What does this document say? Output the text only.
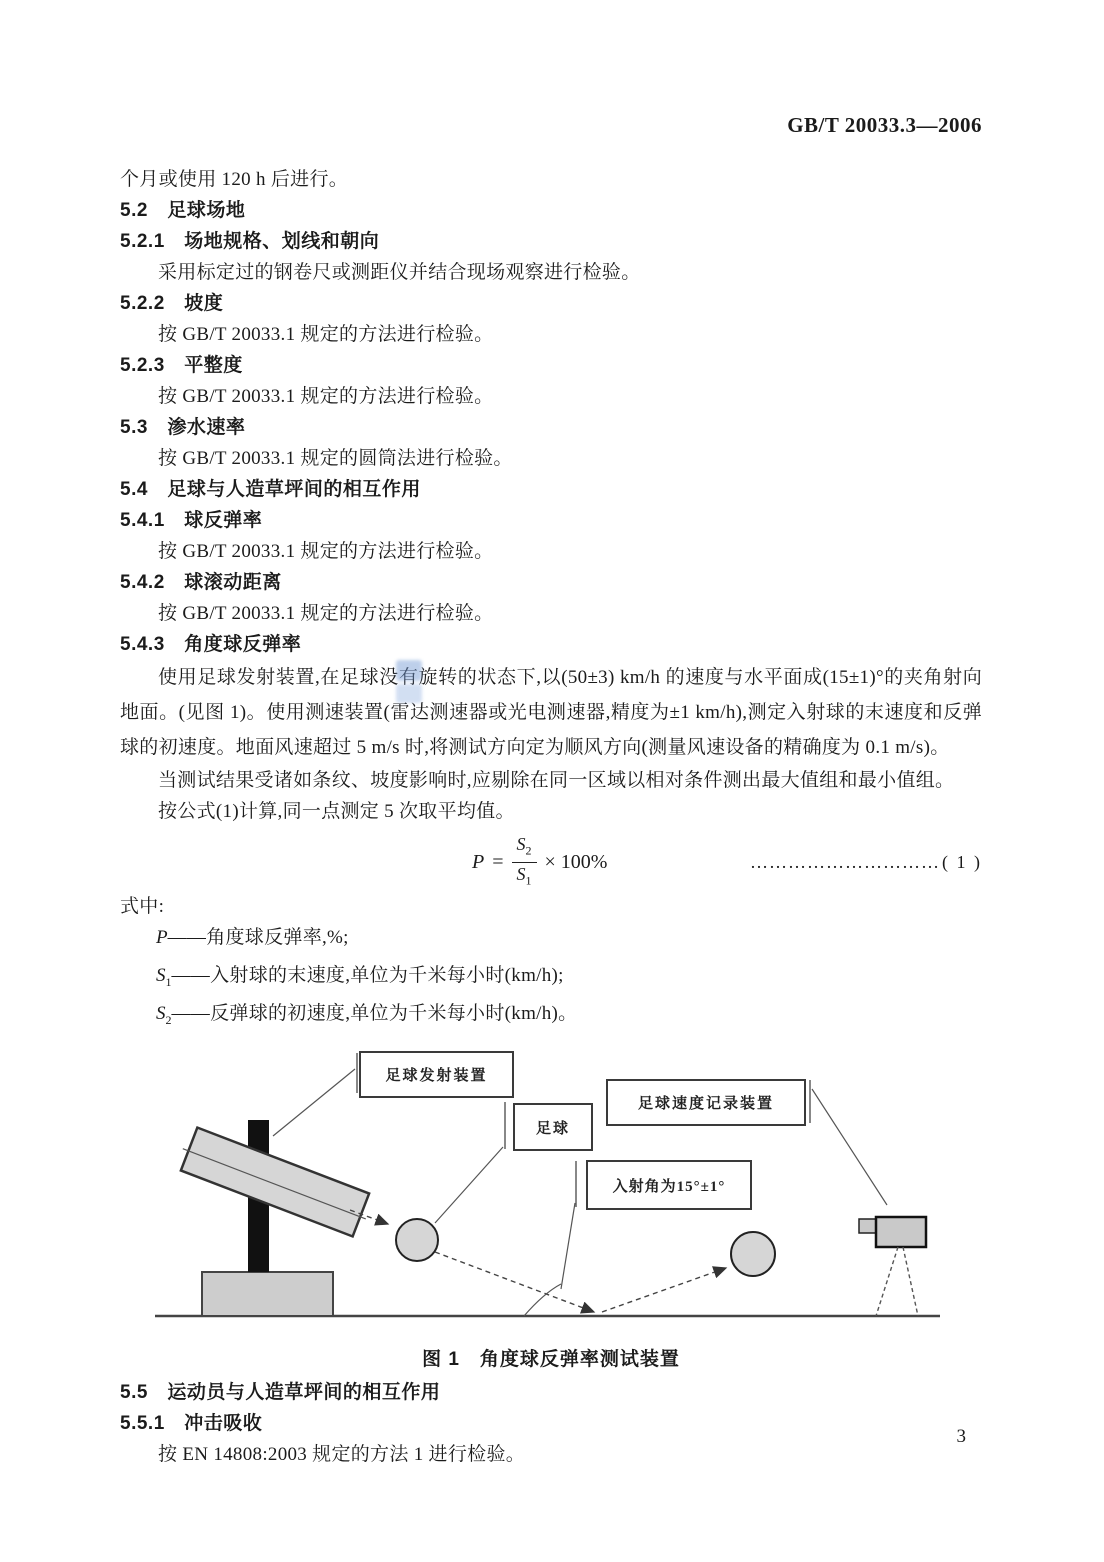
GB/T 20033.3—2006

个月或使用 120 h 后进行。

5.2　足球场地
5.2.1　场地规格、划线和朝向

采用标定过的钢卷尺或测距仪并结合现场观察进行检验。

5.2.2　坡度

按 GB/T 20033.1 规定的方法进行检验。

5.2.3　平整度

按 GB/T 20033.1 规定的方法进行检验。

5.3　渗水速率

按 GB/T 20033.1 规定的圆筒法进行检验。

5.4　足球与人造草坪间的相互作用
5.4.1　球反弹率

按 GB/T 20033.1 规定的方法进行检验。

5.4.2　球滚动距离

按 GB/T 20033.1 规定的方法进行检验。

5.4.3　角度球反弹率

使用足球发射装置,在足球没有旋转的状态下,以(50±3) km/h 的速度与水平面成(15±1)°的夹角射向地面。(见图 1)。使用测速装置(雷达测速器或光电测速器,精度为±1 km/h),测定入射球的末速度和反弹球的初速度。地面风速超过 5 m/s 时,将测试方向定为顺风方向(测量风速设备的精确度为 0.1 m/s)。

当测试结果受诸如条纹、坡度影响时,应剔除在同一区域以相对条件测出最大值组和最小值组。

按公式(1)计算,同一点测定 5 次取平均值。

$P = \frac{S_2}{S_1} \times 100\%$	………………………… ( 1 )

式中:

P——角度球反弹率,%;

$S_1——$入射球的末速度,单位为千米每小时(km/h);

$S_2——$反弹球的初速度,单位为千米每小时(km/h)。

足球发射装置
足球
足球速度记录装置
入射角为15°±1°
图 1　角度球反弹率测试装置
5.5　运动员与人造草坪间的相互作用
5.5.1　冲击吸收

按 EN 14808:2003 规定的方法 1 进行检验。

3
